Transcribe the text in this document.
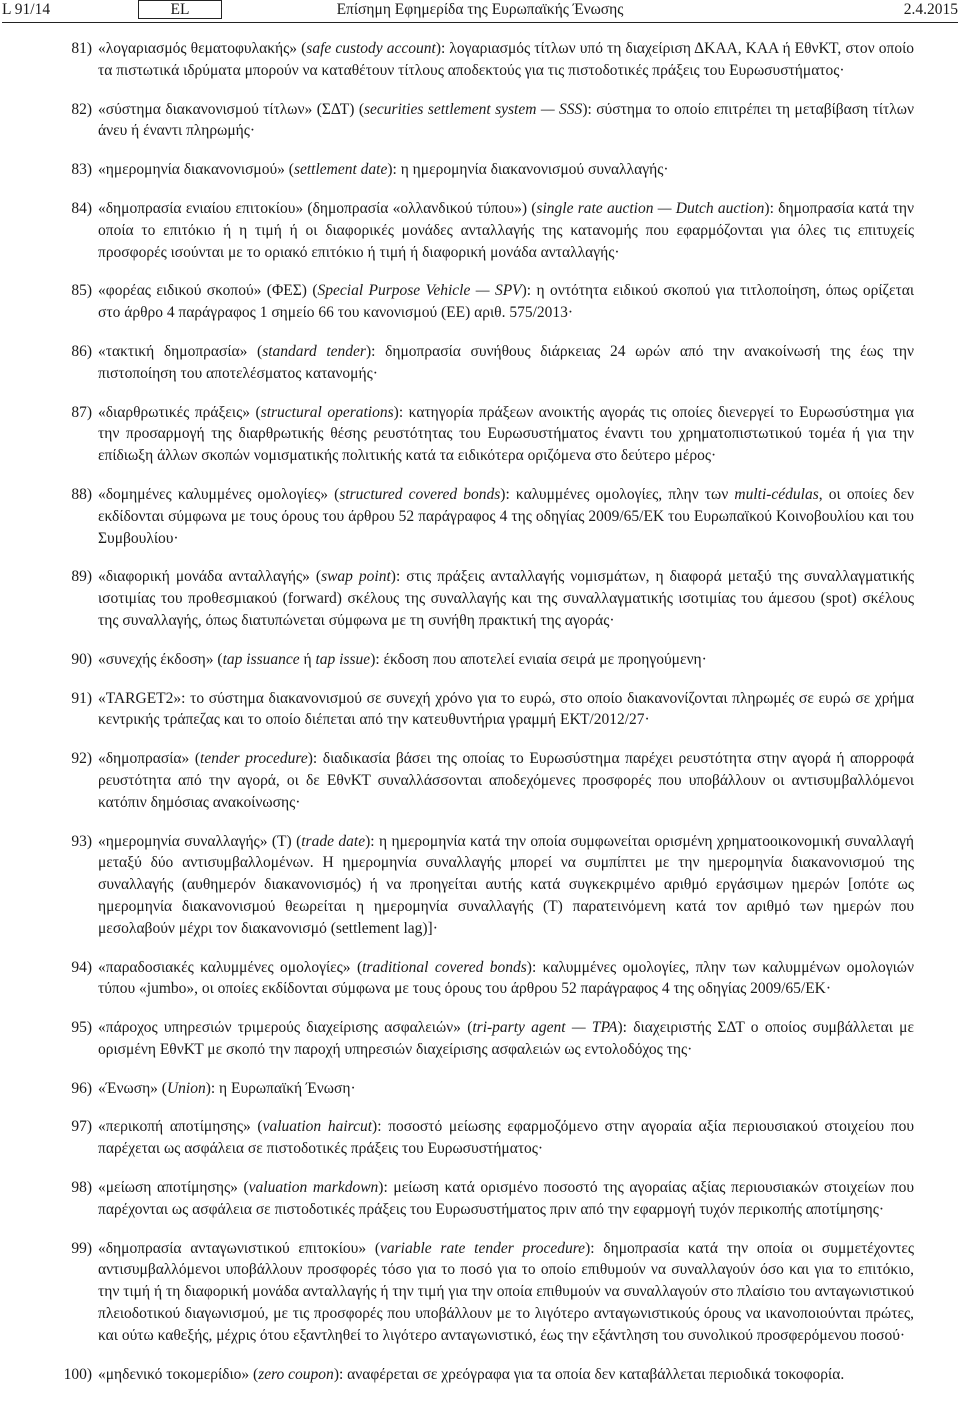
L 91/14	EL	Επίσημη Εφημερίδα της Ευρωπαϊκής Ένωσης	2.4.2015
81) «λογαριασμός θεματοφυλακής» (safe custody account): λογαριασμός τίτλων υπό τη διαχείριση ΔΚΑΑ, ΚΑΑ ή ΕθνΚΤ, στον οποίο τα πιστωτικά ιδρύματα μπορούν να καταθέτουν τίτλους αποδεκτούς για τις πιστοδοτικές πράξεις του Ευρωσυστήματος·
82) «σύστημα διακανονισμού τίτλων» (ΣΔΤ) (securities settlement system — SSS): σύστημα το οποίο επιτρέπει τη μεταβίβαση τίτλων άνευ ή έναντι πληρωμής·
83) «ημερομηνία διακανονισμού» (settlement date): η ημερομηνία διακανονισμού συναλλαγής·
84) «δημοπρασία ενιαίου επιτοκίου» (δημοπρασία «ολλανδικού τύπου») (single rate auction — Dutch auction): δημοπρασία κατά την οποία το επιτόκιο ή η τιμή ή οι διαφορικές μονάδες ανταλλαγής της κατανομής που εφαρμόζονται για όλες τις επιτυχείς προσφορές ισούνται με το οριακό επιτόκιο ή τιμή ή διαφορική μονάδα ανταλλαγής·
85) «φορέας ειδικού σκοπού» (ΦΕΣ) (Special Purpose Vehicle — SPV): η οντότητα ειδικού σκοπού για τιτλοποίηση, όπως ορίζεται στο άρθρο 4 παράγραφος 1 σημείο 66 του κανονισμού (ΕΕ) αριθ. 575/2013·
86) «τακτική δημοπρασία» (standard tender): δημοπρασία συνήθους διάρκειας 24 ωρών από την ανακοίνωσή της έως την πιστοποίηση του αποτελέσματος κατανομής·
87) «διαρθρωτικές πράξεις» (structural operations): κατηγορία πράξεων ανοικτής αγοράς τις οποίες διενεργεί το Ευρωσύστημα για την προσαρμογή της διαρθρωτικής θέσης ρευστότητας του Ευρωσυστήματος έναντι του χρηματοπιστωτικού τομέα ή για την επίδιωξη άλλων σκοπών νομισματικής πολιτικής κατά τα ειδικότερα οριζόμενα στο δεύτερο μέρος·
88) «δομημένες καλυμμένες ομολογίες» (structured covered bonds): καλυμμένες ομολογίες, πλην των multi-cédulas, οι οποίες δεν εκδίδονται σύμφωνα με τους όρους του άρθρου 52 παράγραφος 4 της οδηγίας 2009/65/ΕΚ του Ευρωπαϊκού Κοινοβουλίου και του Συμβουλίου·
89) «διαφορική μονάδα ανταλλαγής» (swap point): στις πράξεις ανταλλαγής νομισμάτων, η διαφορά μεταξύ της συναλλαγματικής ισοτιμίας του προθεσμιακού (forward) σκέλους της συναλλαγής και της συναλλαγματικής ισοτιμίας του άμεσου (spot) σκέλους της συναλλαγής, όπως διατυπώνεται σύμφωνα με τη συνήθη πρακτική της αγοράς·
90) «συνεχής έκδοση» (tap issuance ή tap issue): έκδοση που αποτελεί ενιαία σειρά με προηγούμενη·
91) «TARGET2»: το σύστημα διακανονισμού σε συνεχή χρόνο για το ευρώ, στο οποίο διακανονίζονται πληρωμές σε ευρώ σε χρήμα κεντρικής τράπεζας και το οποίο διέπεται από την κατευθυντήρια γραμμή ΕΚΤ/2012/27·
92) «δημοπρασία» (tender procedure): διαδικασία βάσει της οποίας το Ευρωσύστημα παρέχει ρευστότητα στην αγορά ή απορροφά ρευστότητα από την αγορά, οι δε ΕθνΚΤ συναλλάσσονται αποδεχόμενες προσφορές που υποβάλλουν οι αντισυμβαλλόμενοι κατόπιν δημόσιας ανακοίνωσης·
93) «ημερομηνία συναλλαγής» (Τ) (trade date): η ημερομηνία κατά την οποία συμφωνείται ορισμένη χρηματοοικονομική συναλλαγή μεταξύ δύο αντισυμβαλλομένων. Η ημερομηνία συναλλαγής μπορεί να συμπίπτει με την ημερομηνία διακανονισμού της συναλλαγής (αυθημερόν διακανονισμός) ή να προηγείται αυτής κατά συγκεκριμένο αριθμό εργάσιμων ημερών [οπότε ως ημερομηνία διακανονισμού θεωρείται η ημερομηνία συναλλαγής (Τ) παρατεινόμενη κατά τον αριθμό των ημερών που μεσολαβούν μέχρι τον διακανονισμό (settlement lag)]·
94) «παραδοσιακές καλυμμένες ομολογίες» (traditional covered bonds): καλυμμένες ομολογίες, πλην των καλυμμένων ομολογιών τύπου «jumbo», οι οποίες εκδίδονται σύμφωνα με τους όρους του άρθρου 52 παράγραφος 4 της οδηγίας 2009/65/ΕΚ·
95) «πάροχος υπηρεσιών τριμερούς διαχείρισης ασφαλειών» (tri-party agent — TPA): διαχειριστής ΣΔΤ ο οποίος συμβάλλεται με ορισμένη ΕθνΚΤ με σκοπό την παροχή υπηρεσιών διαχείρισης ασφαλειών ως εντολοδόχος της·
96) «Ένωση» (Union): η Ευρωπαϊκή Ένωση·
97) «περικοπή αποτίμησης» (valuation haircut): ποσοστό μείωσης εφαρμοζόμενο στην αγοραία αξία περιουσιακού στοιχείου που παρέχεται ως ασφάλεια σε πιστοδοτικές πράξεις του Ευρωσυστήματος·
98) «μείωση αποτίμησης» (valuation markdown): μείωση κατά ορισμένο ποσοστό της αγοραίας αξίας περιουσιακών στοιχείων που παρέχονται ως ασφάλεια σε πιστοδοτικές πράξεις του Ευρωσυστήματος πριν από την εφαρμογή τυχόν περικοπής αποτίμησης·
99) «δημοπρασία ανταγωνιστικού επιτοκίου» (variable rate tender procedure): δημοπρασία κατά την οποία οι συμμετέχοντες αντισυμβαλλόμενοι υποβάλλουν προσφορές τόσο για το ποσό για το οποίο επιθυμούν να συναλλαγούν όσο και για το επιτόκιο, την τιμή ή τη διαφορική μονάδα ανταλλαγής ή την τιμή για την οποία επιθυμούν να συναλλαγούν στο πλαίσιο του ανταγωνιστικού πλειοδοτικού διαγωνισμού, με τις προσφορές που υποβάλλουν με το λιγότερο ανταγωνιστικούς όρους να ικανοποιούνται πρώτες, και ούτω καθεξής, μέχρις ότου εξαντληθεί το λιγότερο ανταγωνιστικό, έως την εξάντληση του συνολικού προσφερόμενου ποσού·
100) «μηδενικό τοκομερίδιο» (zero coupon): αναφέρεται σε χρεόγραφα για τα οποία δεν καταβάλλεται περιοδικά τοκοφορία.
